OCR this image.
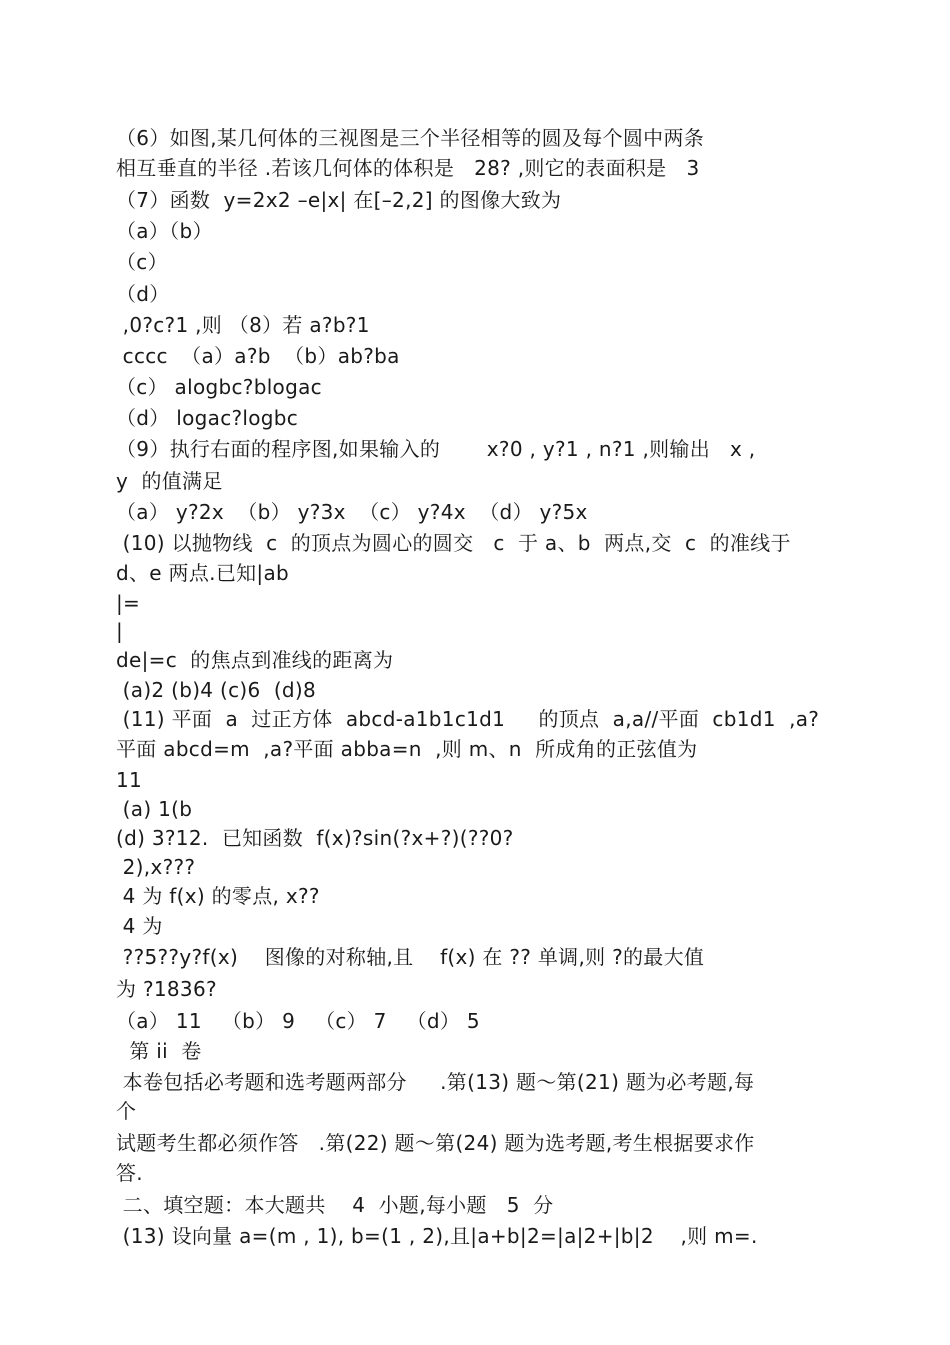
（6）如图,某几何体的三视图是三个半径相等的圆及每个圆中两条
相互垂直的半径 .若该几何体的体积是   28? ,则它的表面积是   3
（7）函数  y=2x2 –e|x| 在[–2,2] 的图像大致为
（a）（b）
（c）
（d）
,0?c?1 ,则 （8）若 a?b?1
cccc  （a）a?b  （b）ab?ba
（c） alogbc?blogac
（d） logac?logbc
（9）执行右面的程序图,如果输入的       x?0 , y?1 , n?1 ,则输出   x ,
y  的值满足
（a） y?2x  （b） y?3x  （c） y?4x  （d） y?5x
(10) 以抛物线  c  的顶点为圆心的圆交   c  于 a、b  两点,交  c  的准线于
d、e 两点.已知|ab
|=
|
de|=c  的焦点到准线的距离为
(a)2 (b)4 (c)6  (d)8
(11) 平面  a  过正方体  abcd-a1b1c1d1     的顶点  a,a//平面  cb1d1  ,a?
平面 abcd=m  ,a?平面 abba=n  ,则 m、n  所成角的正弦值为
11
(a) 1(b
(d) 3?12.  已知函数  f(x)?sin(?x+?)(??0?
2),x???
4 为 f(x) 的零点, x??
4 为
??5??y?f(x)    图像的对称轴,且    f(x) 在 ?? 单调,则 ?的最大值
为 ?1836?
（a） 11   （b） 9   （c） 7   （d） 5
第 ii  卷
本卷包括必考题和选考题两部分     .第(13) 题～第(21) 题为必考题,每
个
试题考生都必须作答   .第(22) 题～第(24) 题为选考题,考生根据要求作
答.
二、填空题：本大题共    4  小题,每小题   5  分
(13) 设向量 a=(m , 1), b=(1 , 2),且|a+b|2=|a|2+|b|2    ,则 m=.
